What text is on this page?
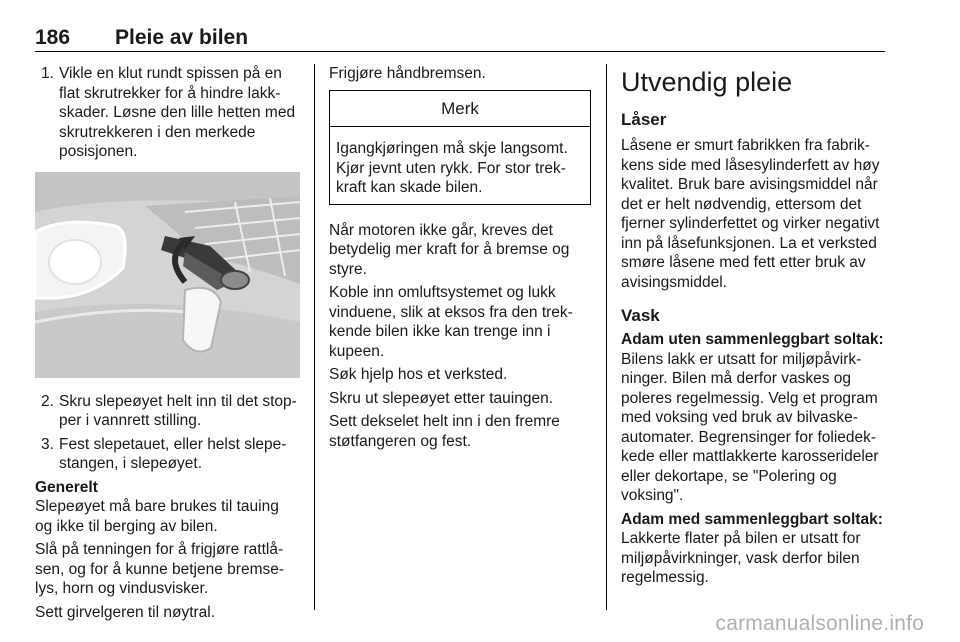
186 Pleie av bilen
1. Vikle en klut rundt spissen på en flat skrutrekker for å hindre lakk-skader. Løsne den lille hetten med skrutrekkeren i den merkede posisjonen.
2. Skru slepeøyet helt inn til det stop-per i vannrett stilling.
3. Fest slepetauet, eller helst slepe-stangen, i slepeøyet.

Generelt

Slepeøyet må bare brukes til tauing og ikke til berging av bilen.

Slå på tenningen for å frigjøre rattlå-sen, og for å kunne betjene bremse-lys, horn og vindusvisker.

Sett girvelgeren til nøytral.

Frigjøre håndbremsen.

Merk
Igangkjøringen må skje langsomt. Kjør jevnt uten rykk. For stor trek-kraft kan skade bilen.

Når motoren ikke går, kreves det betydelig mer kraft for å bremse og styre.

Koble inn omluftsystemet og lukk vinduene, slik at eksos fra den trek-kende bilen ikke kan trenge inn i kupeen.

Søk hjelp hos et verksted.

Skru ut slepeøyet etter tauingen.

Sett dekselet helt inn i den fremre støtfangeren og fest.

Utvendig pleie
Låser

Låsene er smurt fabrikken fra fabrik-kens side med låsesylinderfett av høy kvalitet. Bruk bare avisingsmiddel når det er helt nødvendig, ettersom det fjerner sylinderfettet og virker negativt inn på låsefunksjonen. La et verksted smøre låsene med fett etter bruk av avisingsmiddel.

Vask

Adam uten sammenleggbart soltak:

Bilens lakk er utsatt for miljøpåvirk-ninger. Bilen må derfor vaskes og poleres regelmessig. Velg et program med voksing ved bruk av bilvaske-automater. Begrensinger for foliedek-kede eller mattlakkerte karosserideler eller dekortape, se "Polering og voksing".

Adam med sammenleggbart soltak:

Lakkerte flater på bilen er utsatt for miljøpåvirkninger, vask derfor bilen regelmessig.

carmanualsonline.info
